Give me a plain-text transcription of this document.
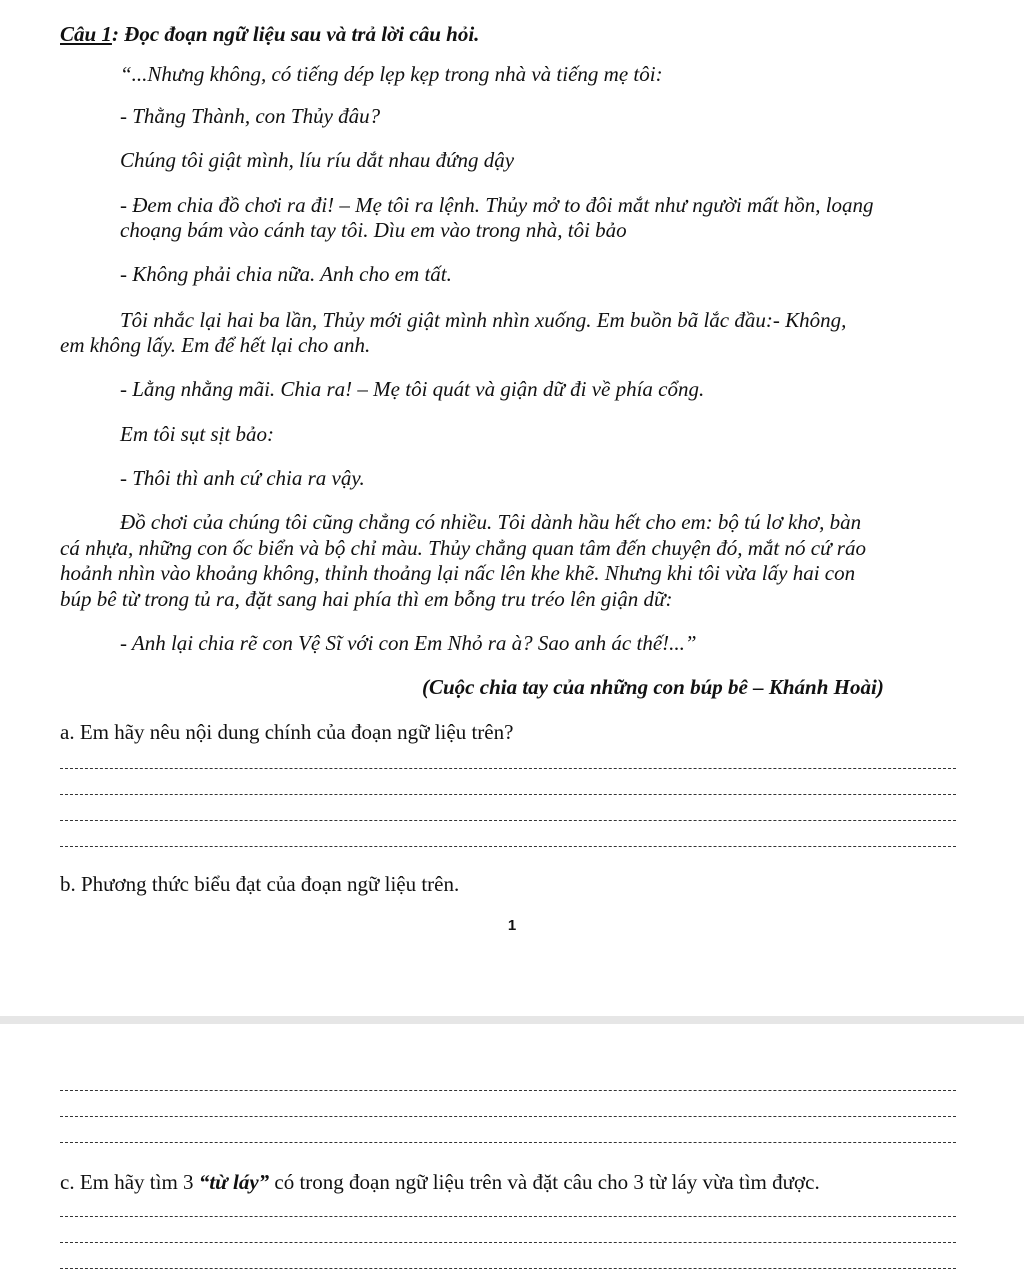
Câu 1: Đọc đoạn ngữ liệu sau và trả lời câu hỏi.
“...Nhưng không, có tiếng dép lẹp kẹp trong nhà và tiếng mẹ tôi:
- Thằng Thành, con Thủy đâu?
Chúng tôi giật mình, líu ríu dắt nhau đứng dậy
- Đem chia đồ chơi ra đi! – Mẹ tôi ra lệnh. Thủy mở to đôi mắt như người mất hồn, loạng
choạng bám vào cánh tay tôi. Dìu em vào trong nhà, tôi bảo
- Không phải chia nữa. Anh cho em tất.
Tôi nhắc lại hai ba lần, Thủy mới giật mình nhìn xuống. Em buồn bã lắc đầu:- Không,
em không lấy. Em để hết lại cho anh.
- Lằng nhằng mãi. Chia ra! – Mẹ tôi quát và giận dữ đi về phía cổng.
Em tôi sụt sịt bảo:
- Thôi thì anh cứ chia ra vậy.
Đồ chơi của chúng tôi cũng chẳng có nhiều. Tôi dành hầu hết cho em: bộ tú lơ khơ, bàn
cá nhựa, những con ốc biển và bộ chỉ màu. Thủy chẳng quan tâm đến chuyện đó, mắt nó cứ ráo
hoảnh nhìn vào khoảng không, thỉnh thoảng lại nấc lên khe khẽ. Nhưng khi tôi vừa lấy hai con
búp bê từ trong tủ ra, đặt sang hai phía thì em bỗng tru tréo lên giận dữ:
- Anh lại chia rẽ con Vệ Sĩ với con Em Nhỏ ra à? Sao anh ác thế!...”
(Cuộc chia tay của những con búp bê – Khánh Hoài)
a. Em hãy nêu nội dung chính của đoạn ngữ liệu trên?
b. Phương thức biểu đạt của đoạn ngữ liệu trên.
1
c. Em hãy tìm 3 “từ láy” có trong đoạn ngữ liệu trên và đặt câu cho 3 từ láy vừa tìm được.
